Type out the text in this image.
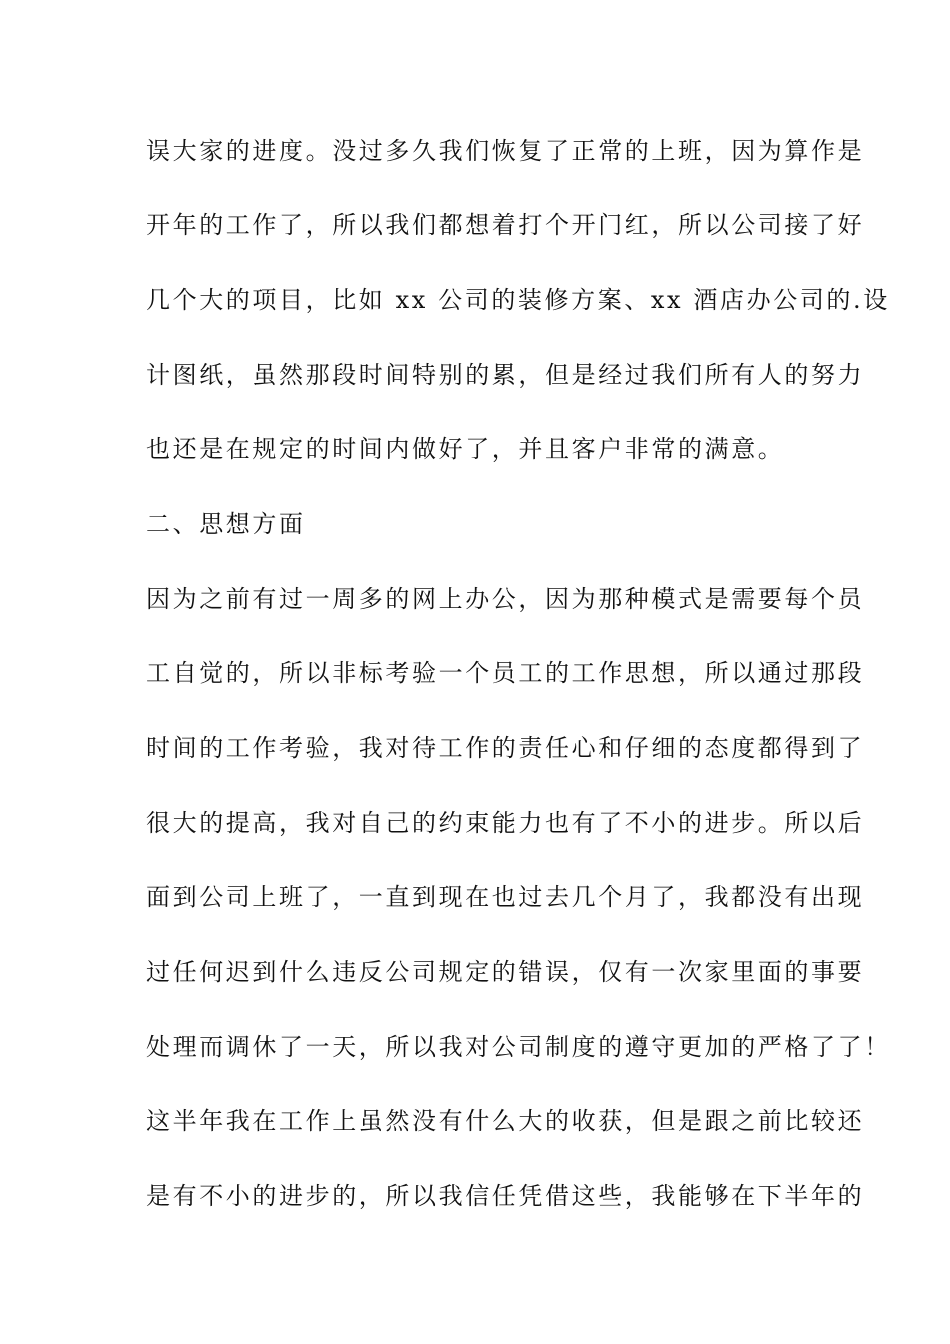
误大家的进度。没过多久我们恢复了正常的上班，因为算作是
开年的工作了，所以我们都想着打个开门红，所以公司接了好
几个大的项目，比如 xx 公司的装修方案、xx 酒店办公司的.设
计图纸，虽然那段时间特别的累，但是经过我们所有人的努力
也还是在规定的时间内做好了，并且客户非常的满意。
二、思想方面
因为之前有过一周多的网上办公，因为那种模式是需要每个员
工自觉的，所以非标考验一个员工的工作思想，所以通过那段
时间的工作考验，我对待工作的责任心和仔细的态度都得到了
很大的提高，我对自己的约束能力也有了不小的进步。所以后
面到公司上班了，一直到现在也过去几个月了，我都没有出现
过任何迟到什么违反公司规定的错误，仅有一次家里面的事要
处理而调休了一天，所以我对公司制度的遵守更加的严格了了！
这半年我在工作上虽然没有什么大的收获，但是跟之前比较还
是有不小的进步的，所以我信任凭借这些，我能够在下半年的
